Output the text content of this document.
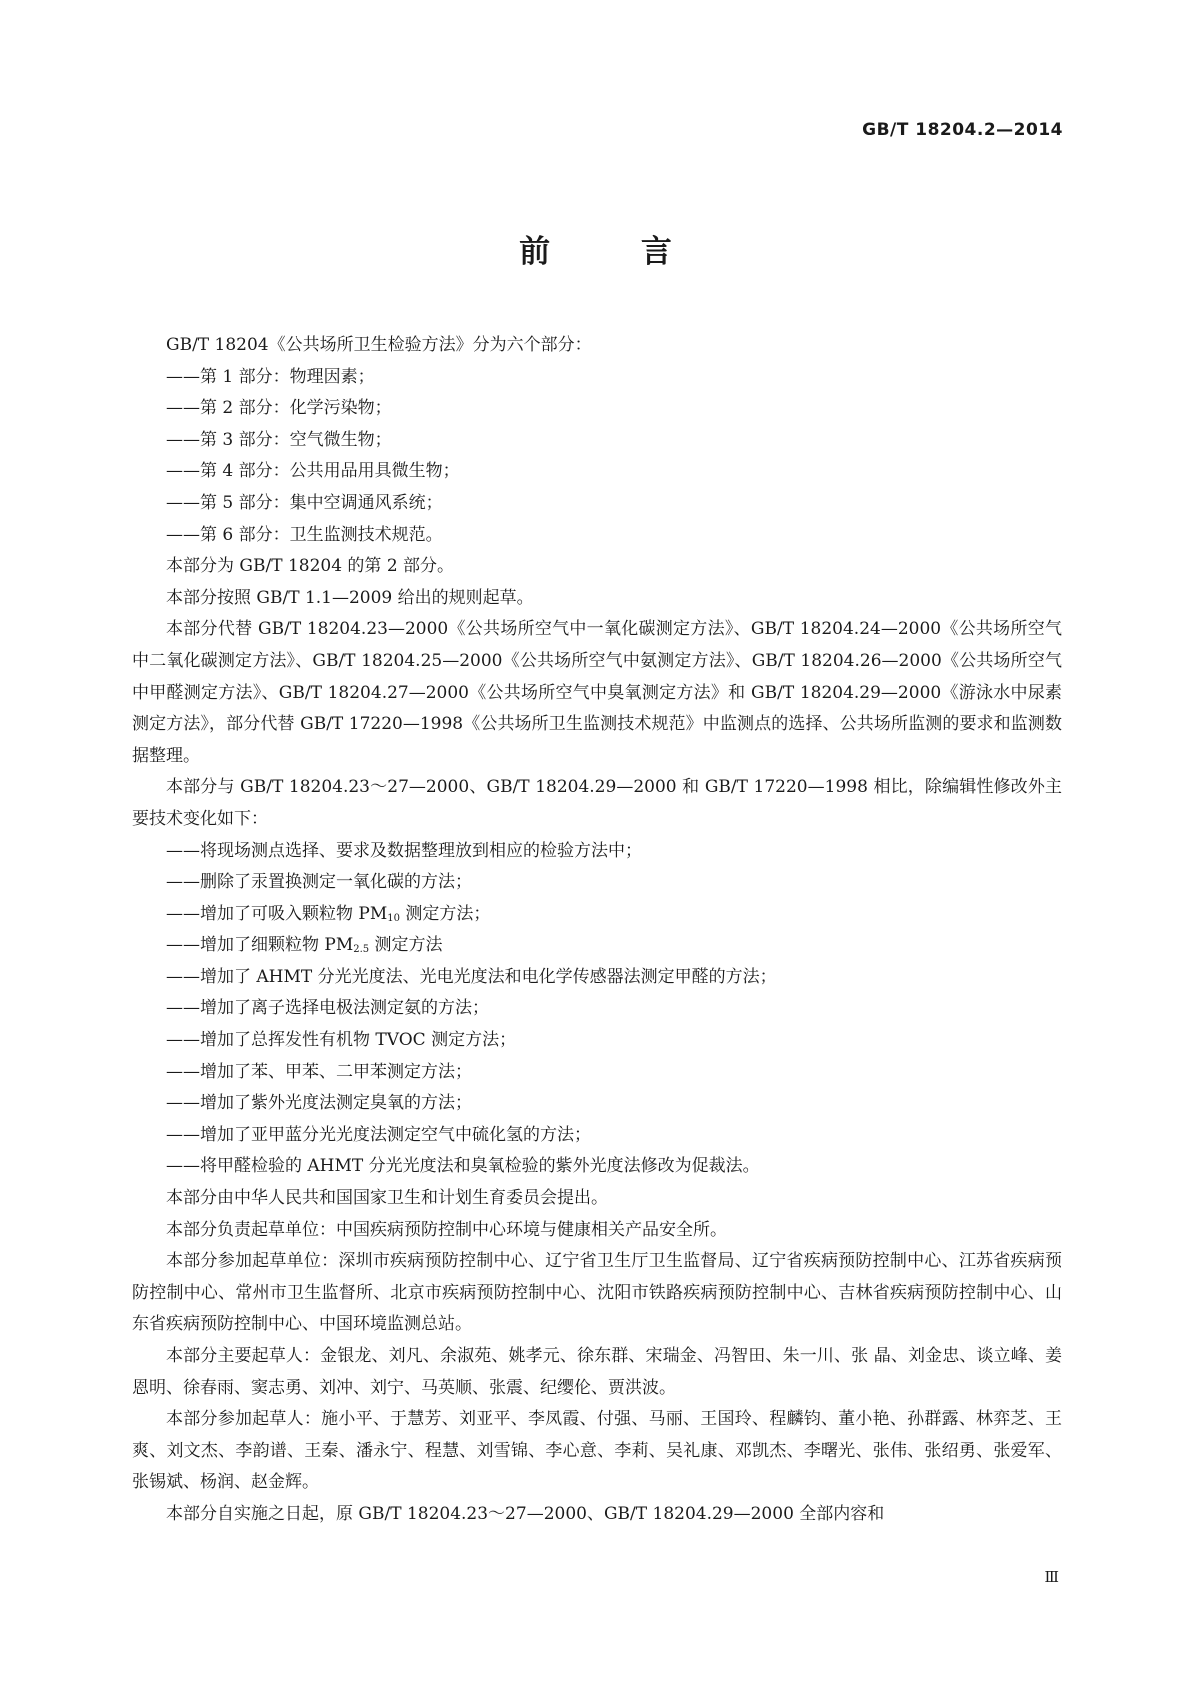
GB/T 18204.2—2014
前 言

GB/T 18204《公共场所卫生检验方法》分为六个部分：

——第 1 部分：物理因素；

——第 2 部分：化学污染物；

——第 3 部分：空气微生物；

——第 4 部分：公共用品用具微生物；

——第 5 部分：集中空调通风系统；

——第 6 部分：卫生监测技术规范。

本部分为 GB/T 18204 的第 2 部分。

本部分按照 GB/T 1.1—2009 给出的规则起草。

本部分代替 GB/T 18204.23—2000《公共场所空气中一氧化碳测定方法》、GB/T 18204.24—2000《公共场所空气中二氧化碳测定方法》、GB/T 18204.25—2000《公共场所空气中氨测定方法》、GB/T 18204.26—2000《公共场所空气中甲醛测定方法》、GB/T 18204.27—2000《公共场所空气中臭氧测定方法》和 GB/T 18204.29—2000《游泳水中尿素测定方法》，部分代替 GB/T 17220—1998《公共场所卫生监测技术规范》中监测点的选择、公共场所监测的要求和监测数据整理。

本部分与 GB/T 18204.23～27—2000、GB/T 18204.29—2000 和 GB/T 17220—1998 相比，除编辑性修改外主要技术变化如下：

——将现场测点选择、要求及数据整理放到相应的检验方法中；

——删除了汞置换测定一氧化碳的方法；

——增加了可吸入颗粒物 $PM_{10}$ 测定方法；

——增加了细颗粒物 $PM_{2.5}$ 测定方法

——增加了 AHMT 分光光度法、光电光度法和电化学传感器法测定甲醛的方法；

——增加了离子选择电极法测定氨的方法；

——增加了总挥发性有机物 TVOC 测定方法；

——增加了苯、甲苯、二甲苯测定方法；

——增加了紫外光度法测定臭氧的方法；

——增加了亚甲蓝分光光度法测定空气中硫化氢的方法；

——将甲醛检验的 AHMT 分光光度法和臭氧检验的紫外光度法修改为促裁法。

本部分由中华人民共和国国家卫生和计划生育委员会提出。

本部分负责起草单位：中国疾病预防控制中心环境与健康相关产品安全所。

本部分参加起草单位：深圳市疾病预防控制中心、辽宁省卫生厅卫生监督局、辽宁省疾病预防控制中心、江苏省疾病预防控制中心、常州市卫生监督所、北京市疾病预防控制中心、沈阳市铁路疾病预防控制中心、吉林省疾病预防控制中心、山东省疾病预防控制中心、中国环境监测总站。

本部分主要起草人：金银龙、刘凡、余淑苑、姚孝元、徐东群、宋瑞金、冯智田、朱一川、张 晶、刘金忠、谈立峰、姜恩明、徐春雨、窦志勇、刘冲、刘宁、马英顺、张震、纪缨伦、贾洪波。

本部分参加起草人：施小平、于慧芳、刘亚平、李凤霞、付强、马丽、王国玲、程麟钧、董小艳、孙群露、林弈芝、王爽、刘文杰、李韵谱、王秦、潘永宁、程慧、刘雪锦、李心意、李莉、吴礼康、邓凯杰、李曙光、张伟、张绍勇、张爱军、张锡斌、杨润、赵金辉。

本部分自实施之日起，原 GB/T 18204.23～27—2000、GB/T 18204.29—2000 全部内容和

Ⅲ
